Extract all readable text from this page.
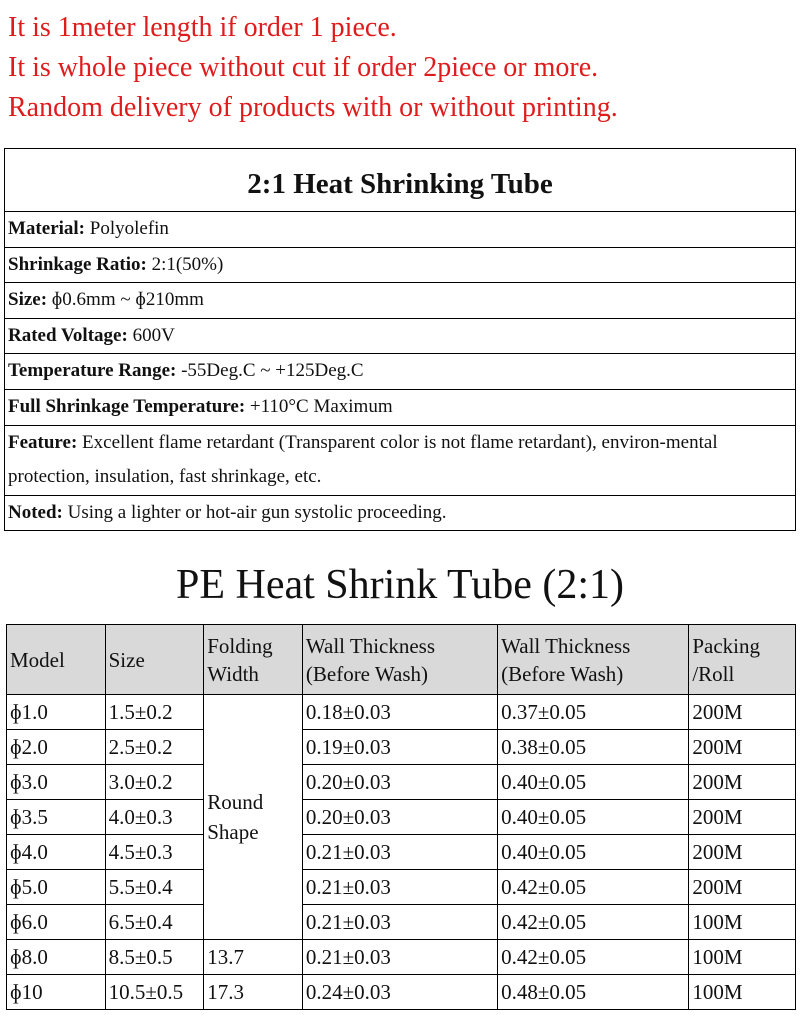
It is 1meter length if order 1 piece.
It is whole piece without cut if order 2piece or more.
Random delivery of products with or without printing.
2:1 Heat Shrinking Tube
Material: Polyolefin
Shrinkage Ratio: 2:1(50%)
Size: ɸ0.6mm ~ ɸ210mm
Rated Voltage: 600V
Temperature Range: -55Deg.C ~ +125Deg.C
Full Shrinkage Temperature: +110°C Maximum
Feature: Excellent flame retardant (Transparent color is not flame retardant), environ-mental protection, insulation, fast shrinkage, etc.
Noted: Using a lighter or hot-air gun systolic proceeding.
PE Heat Shrink Tube (2:1)
Model	Size	Folding Width	Wall Thickness (Before Wash)	Wall Thickness (Before Wash)	Packing /Roll
ɸ1.0	1.5±0.2	Round Shape	0.18±0.03	0.37±0.05	200M
ɸ2.0	2.5±0.2		0.19±0.03	0.38±0.05	200M
ɸ3.0	3.0±0.2		0.20±0.03	0.40±0.05	200M
ɸ3.5	4.0±0.3		0.20±0.03	0.40±0.05	200M
ɸ4.0	4.5±0.3		0.21±0.03	0.40±0.05	200M
ɸ5.0	5.5±0.4		0.21±0.03	0.42±0.05	200M
ɸ6.0	6.5±0.4		0.21±0.03	0.42±0.05	100M
ɸ8.0	8.5±0.5	13.7	0.21±0.03	0.42±0.05	100M
ɸ10	10.5±0.5	17.3	0.24±0.03	0.48±0.05	100M
